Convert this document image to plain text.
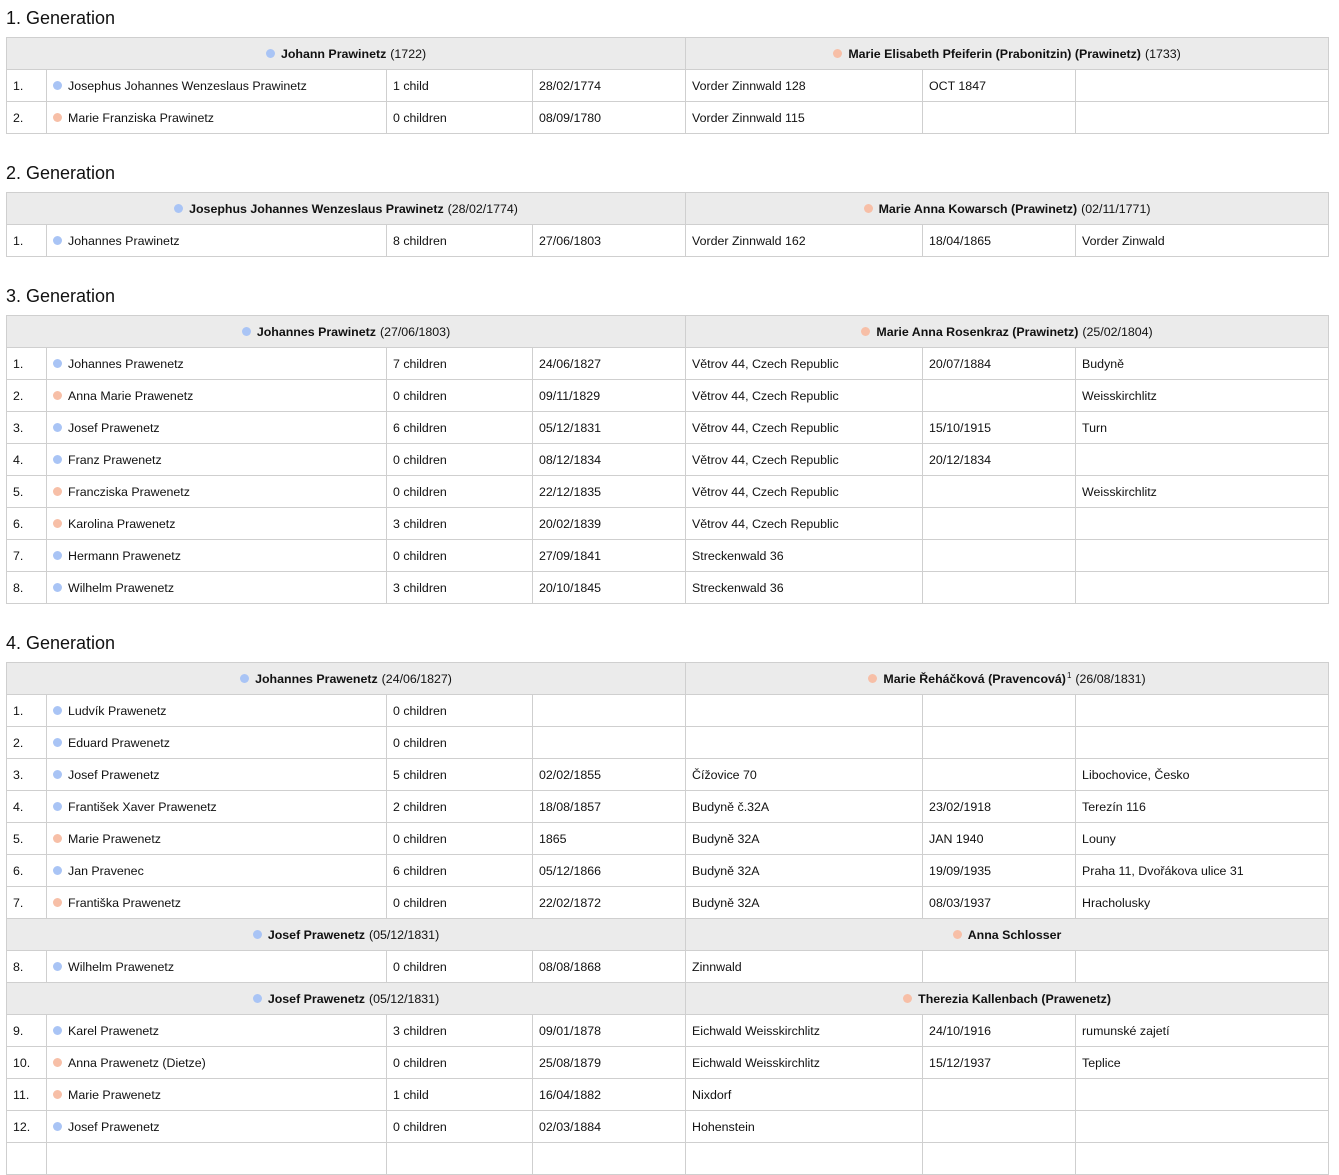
1. Generation
Johann Prawinetz (1722)				Marie Elisabeth Pfeiferin (Prabonitzin) (Prawinetz) (1733)		
1.	Josephus Johannes Wenzeslaus Prawinetz	1 child	28/02/1774	Vorder Zinnwald 128	OCT 1847	
2.	Marie Franziska Prawinetz	0 children	08/09/1780	Vorder Zinnwald 115		
2. Generation
Josephus Johannes Wenzeslaus Prawinetz (28/02/1774)				Marie Anna Kowarsch (Prawinetz) (02/11/1771)		
1.	Johannes Prawinetz	8 children	27/06/1803	Vorder Zinnwald 162	18/04/1865	Vorder Zinwald
3. Generation
Johannes Prawinetz (27/06/1803)				Marie Anna Rosenkraz (Prawinetz) (25/02/1804)		
1.	Johannes Prawenetz	7 children	24/06/1827	Větrov 44, Czech Republic	20/07/1884	Budyně
2.	Anna Marie Prawenetz	0 children	09/11/1829	Větrov 44, Czech Republic		Weisskirchlitz
3.	Josef Prawenetz	6 children	05/12/1831	Větrov 44, Czech Republic	15/10/1915	Turn
4.	Franz Prawenetz	0 children	08/12/1834	Větrov 44, Czech Republic	20/12/1834	
5.	Francziska Prawenetz	0 children	22/12/1835	Větrov 44, Czech Republic		Weisskirchlitz
6.	Karolina Prawenetz	3 children	20/02/1839	Větrov 44, Czech Republic		
7.	Hermann Prawenetz	0 children	27/09/1841	Streckenwald 36		
8.	Wilhelm Prawenetz	3 children	20/10/1845	Streckenwald 36		
4. Generation
Johannes Prawenetz (24/06/1827)				Marie Řeháčková (Pravencová)$^1$ (26/08/1831)		
1.	Ludvík Prawenetz	0 children				
2.	Eduard Prawenetz	0 children				
3.	Josef Prawenetz	5 children	02/02/1855	Čížovice 70		Libochovice, Česko
4.	František Xaver Prawenetz	2 children	18/08/1857	Budyně č.32A	23/02/1918	Terezín 116
5.	Marie Prawenetz	0 children	1865	Budyně 32A	JAN 1940	Louny
6.	Jan Pravenec	6 children	05/12/1866	Budyně 32A	19/09/1935	Praha 11, Dvořákova ulice 31
7.	Františka Prawenetz	0 children	22/02/1872	Budyně 32A	08/03/1937	Hracholusky
Josef Prawenetz (05/12/1831)				Anna Schlosser		
8.	Wilhelm Prawenetz	0 children	08/08/1868	Zinnwald		
Josef Prawenetz (05/12/1831)				Therezia Kallenbach (Prawenetz)		
9.	Karel Prawenetz	3 children	09/01/1878	Eichwald Weisskirchlitz	24/10/1916	rumunské zajetí
10.	Anna Prawenetz (Dietze)	0 children	25/08/1879	Eichwald Weisskirchlitz	15/12/1937	Teplice
11.	Marie Prawenetz	1 child	16/04/1882	Nixdorf		
12.	Josef Prawenetz	0 children	02/03/1884	Hohenstein		
